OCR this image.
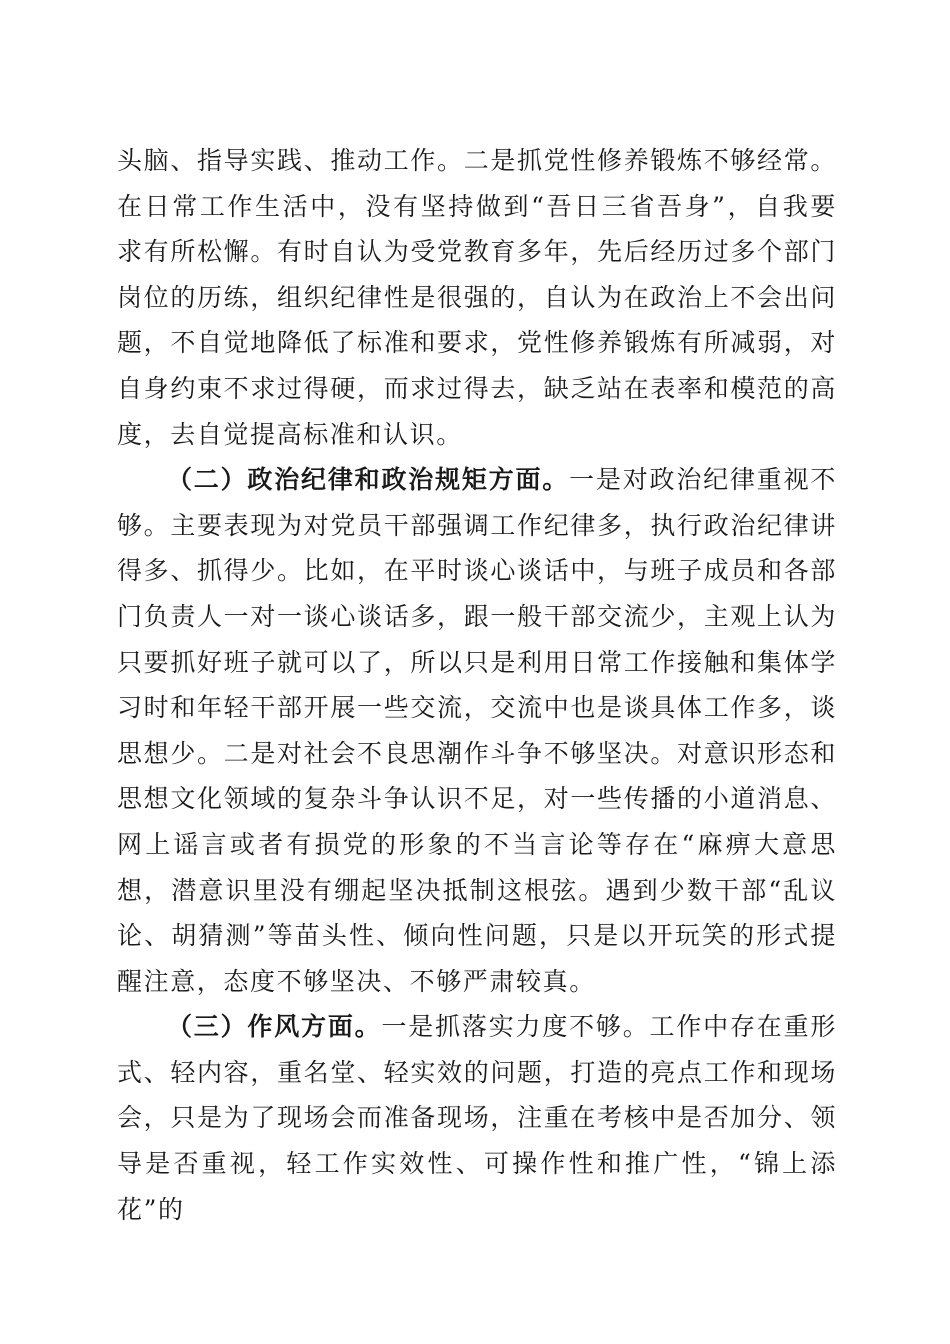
头脑、指导实践、推动工作。二是抓党性修养锻炼不够经常。在日常工作生活中，没有坚持做到“吾日三省吾身”，自我要求有所松懈。有时自认为受党教育多年，先后经历过多个部门岗位的历练，组织纪律性是很强的，自认为在政治上不会出问题，不自觉地降低了标准和要求，党性修养锻炼有所减弱，对自身约束不求过得硬，而求过得去，缺乏站在表率和模范的高度，去自觉提高标准和认识。

（二）政治纪律和政治规矩方面。一是对政治纪律重视不够。主要表现为对党员干部强调工作纪律多，执行政治纪律讲得多、抓得少。比如，在平时谈心谈话中，与班子成员和各部门负责人一对一谈心谈话多，跟一般干部交流少，主观上认为只要抓好班子就可以了，所以只是利用日常工作接触和集体学习时和年轻干部开展一些交流，交流中也是谈具体工作多，谈思想少。二是对社会不良思潮作斗争不够坚决。对意识形态和思想文化领域的复杂斗争认识不足，对一些传播的小道消息、网上谣言或者有损党的形象的不当言论等存在“麻痹大意思想，潜意识里没有绷起坚决抵制这根弦。遇到少数干部“乱议论、胡猜测”等苗头性、倾向性问题，只是以开玩笑的形式提醒注意，态度不够坚决、不够严肃较真。

（三）作风方面。一是抓落实力度不够。工作中存在重形式、轻内容，重名堂、轻实效的问题，打造的亮点工作和现场会，只是为了现场会而准备现场，注重在考核中是否加分、领导是否重视，轻工作实效性、可操作性和推广性，“锦上添花”的
